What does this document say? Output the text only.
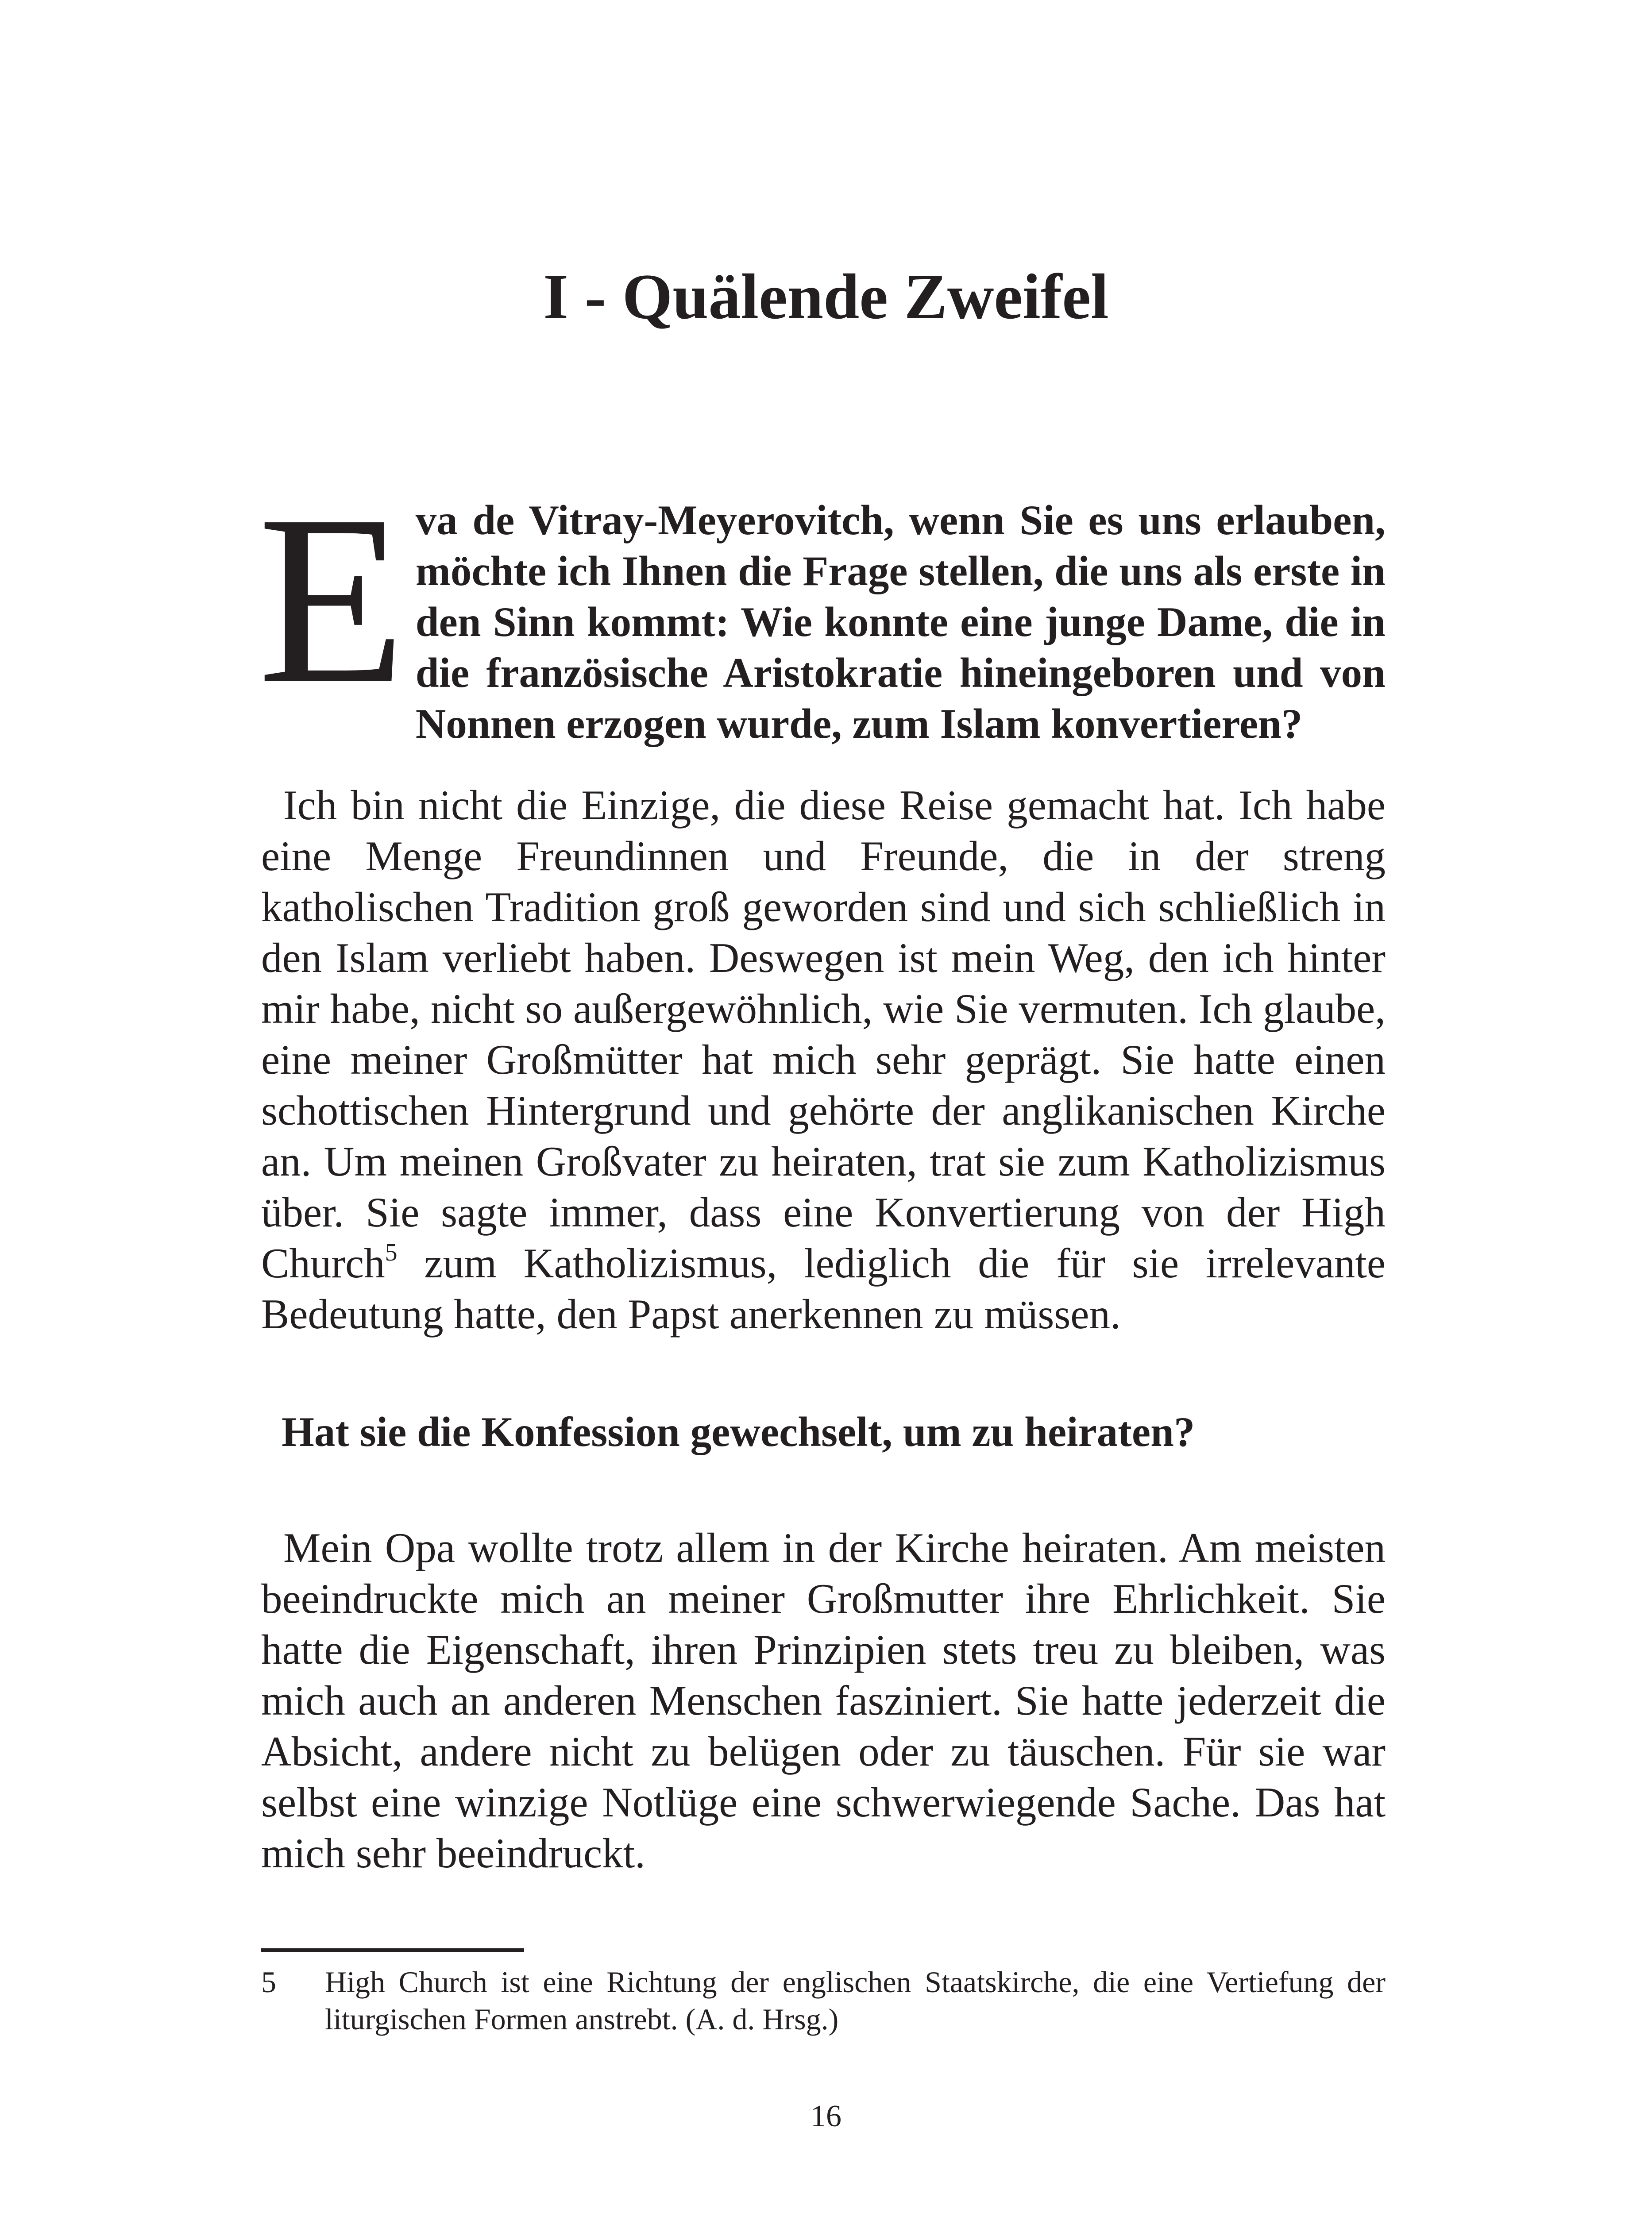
I - Quälende Zweifel

Eva de Vitray-Meyerovitch, wenn Sie es uns erlauben, möchte ich Ihnen die Frage stellen, die uns als erste in den Sinn kommt: Wie konnte eine junge Dame, die in die französische Aristokratie hineingeboren und von Nonnen erzogen wurde, zum Islam konvertieren?

Ich bin nicht die Einzige, die diese Reise gemacht hat. Ich habe eine Menge Freundinnen und Freunde, die in der streng katholischen Tradition groß geworden sind und sich schließlich in den Islam verliebt haben. Deswegen ist mein Weg, den ich hinter mir habe, nicht so außergewöhnlich, wie Sie vermuten. Ich glaube, eine meiner Großmütter hat mich sehr geprägt. Sie hatte einen schottischen Hintergrund und gehörte der anglikanischen Kirche an. Um meinen Großvater zu heiraten, trat sie zum Katholizismus über. Sie sagte immer, dass eine Konvertierung von der High Church$^5$ zum Katholizismus, lediglich die für sie irrelevante Bedeutung hatte, den Papst anerkennen zu müssen.

Hat sie die Konfession gewechselt, um zu heiraten?

Mein Opa wollte trotz allem in der Kirche heiraten. Am meisten beeindruckte mich an meiner Großmutter ihre Ehrlichkeit. Sie hatte die Eigenschaft, ihren Prinzipien stets treu zu bleiben, was mich auch an anderen Menschen fasziniert. Sie hatte jederzeit die Absicht, andere nicht zu belügen oder zu täuschen. Für sie war selbst eine winzige Notlüge eine schwerwiegende Sache. Das hat mich sehr beeindruckt.

5	High Church ist eine Richtung der englischen Staatskirche, die eine Vertiefung der liturgischen Formen anstrebt. (A. d. Hrsg.)
16
